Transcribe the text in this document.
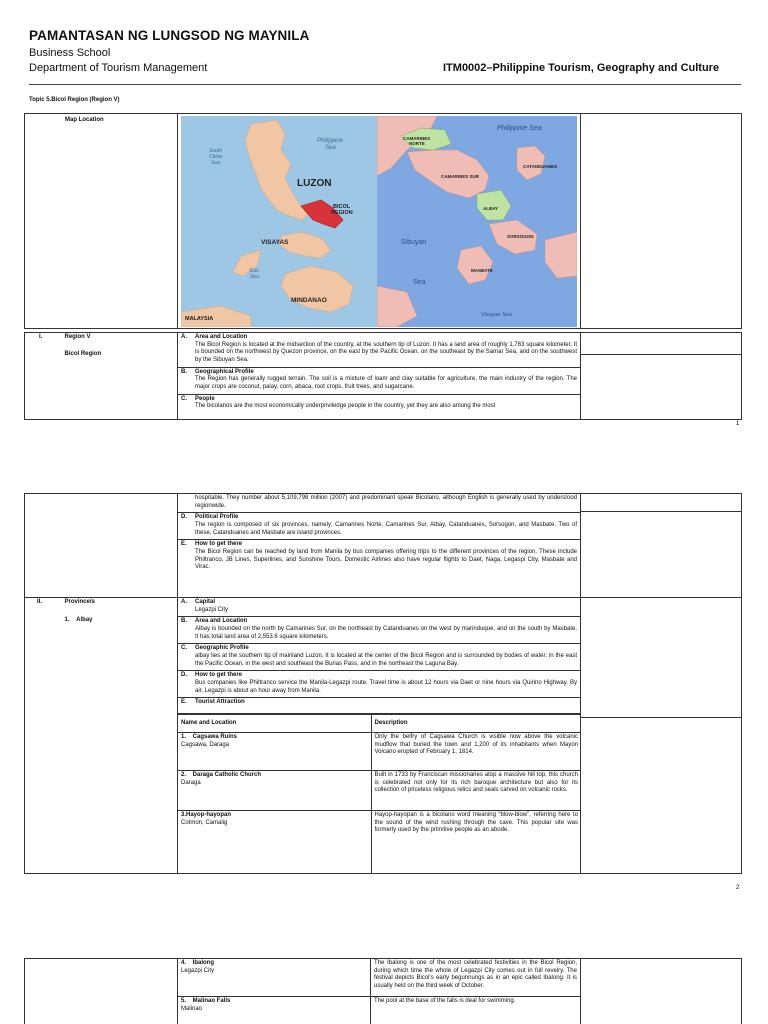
PAMANTASAN NG LUNGSOD NG MAYNILA
Business School
Department of Tourism Management	ITM0002–Philippine Tourism, Geography and Culture
Topic 5.Bicol Region (Region V)
Map Location	
Philippine Sea
South China Sea
LUZON
BICOL REGION
VISAYAS
Sulu Sea
MINDANAO
MALAYSIA
Philippine Sea
CAMARINES NORTE
CATANDUANES
CAMARINES SUR
ALBAY
SORSOGON
Sibuyan
MASBATE
Sea
Visayan Sea

I.	Region V
Bicol Region

A.	Area and Location
The Bicol Region is located at the midsection of the country, at the southern tip of Luzon. It has a land area of roughly 1,763 square kilometer. It is bounded on the northwest by Quezon province, on the east by the Pacific Ocean, on the southeast by the Samar Sea, and on the southwest by the Sibuyan Sea.
B.	Geographical Profile
The Region has generally rugged terrain. The soil is a mixture of loam and clay suitable for agriculture, the main industry of the region. The major crops are coconut, palay, corn, abaca, root crops, fruit trees, and sugarcane.
C.	People
The bicolanos are the most economically underpriviledge people in the country, yet they are also among the most

1

hospitable. They number about 5,109,798 million (2007) and predominant speak Bicolano, although English is generally used by understood regionwide.
D.	Political Profile
The region is composed of six provinces, namely; Camarines Norte, Camarines Sur, Albay, Catanduanes, Sorsogon, and Masbate. Two of these, Catanduanes and Masbate are island provinces.
E.	How to get there
The Bicol Region can be reached by land from Manila by bus companies offering trips to the different provinces of the region. These include Philtranco, JB Lines, Superlines, and Sunshine Tours. Domestic Airlines also have regular flights to Daet, Naga, Legaspi City, Masbate and Virac.

II.	Province/s
1.    Albay

A.	Capital
Legazpi City
B.	Area and Location
Albay is bounded on the north by Camarines Sur, on the northeast by Catanduanes on the west by marinduque, and on the south by Masbate. It has total land area of 2,553.6 square kilometers.
C.	Geographic Profile
albay lies at the southern tip of mainland Luzon. It is located at the center of the Bicol Region and is surrounded by bodies of water: in the east the Pacific Ocean, in the west and southeast the Burias Pass, and in the northeast the Laguna Bay.
D.	How to get there
Bus companies like Philtranco service the Manila-Legazpi route. Travel time is about 12 hours via Daet or nine hours via Quirino Highway. By air, Legazpi is about an hour away from Manila.
E.	Tourist Attraction
Name and Location	Description

1.    Cagsawa Ruins
Cagsawa, Daraga
	Only the belfry of Cagsawa Church is visible now above the volcanic mudflow that buried the town and 1,200 of its inhabitants when Mayon Volcano erupted of February 1, 1814.

2.    Daraga Catholic Church
Daraga
	Built in 1733 by Franciscan missionaries atop a massive hill top, this church is celebrated not only for its rich baroque architecture but also for its collection of priceless religious relics and seals carved on volcanic rocks.

3.Hayop-hayopan
Cotmon, Camalig
	Hayop-hayopan is a bicolano word meaning “blow-blow”, referring here to the sound of the wind rushing through the cave. This popular site was formerly used by the primitive people as an abode.

2

	4.    Ibalong
Legazpi City	The Ibalong is one of the most celebrated festivities in the Bicol Region, during which time the whole of Legazpi City comes out in full revelry. The festival depicts Bicol’s early begunnungs as in an epic called Ibalong. It is usually held on the third week of October.	

	5.    Malinao Falls
Malinao	The pool at the base of the falls is deal for swimming.	
